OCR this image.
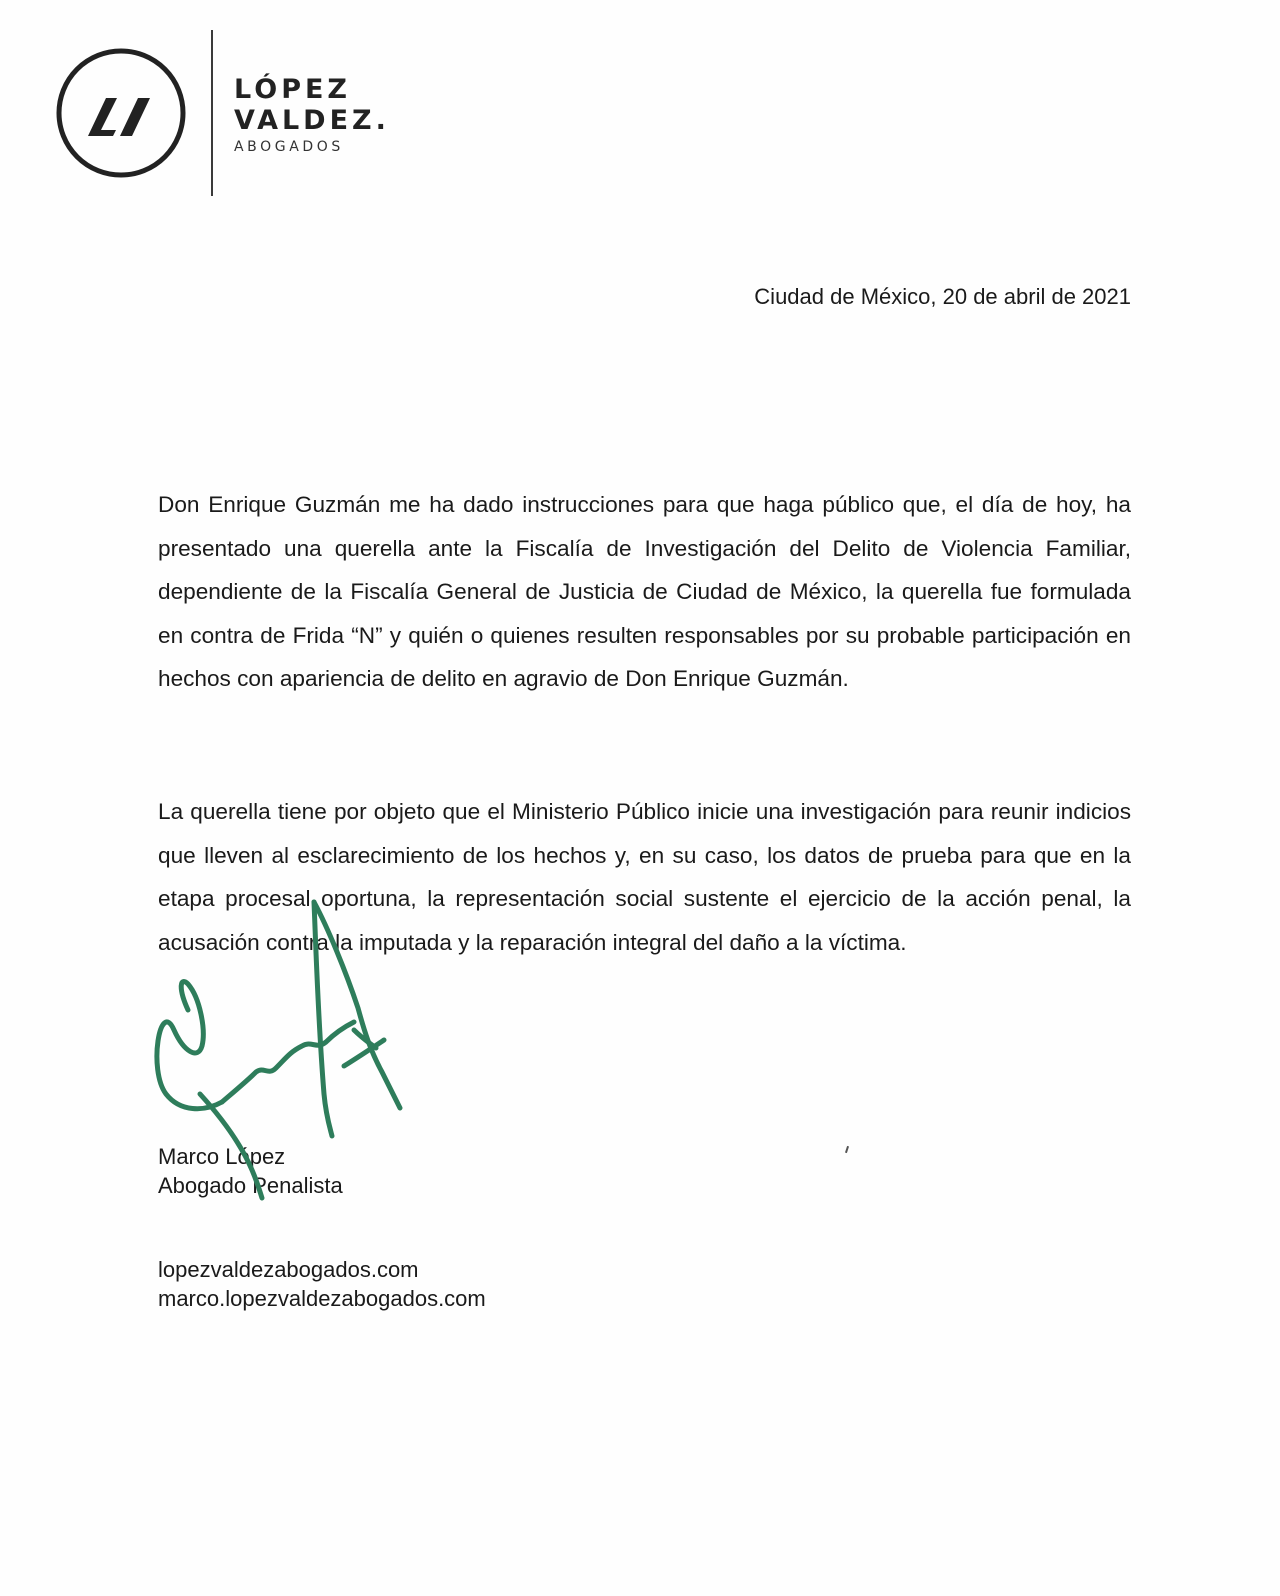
LÓPEZ
VALDEZ.
ABOGADOS
Ciudad de México, 20 de abril de 2021

Don Enrique Guzmán me ha dado instrucciones para que haga público que, el día de hoy, ha presentado una querella ante la Fiscalía de Investigación del Delito de Violencia Familiar, dependiente de la Fiscalía General de Justicia de Ciudad de México, la querella fue formulada en contra de Frida “N” y quién o quienes resulten responsables por su probable participación en hechos con apariencia de delito en agravio de Don Enrique Guzmán.

La querella tiene por objeto que el Ministerio Público inicie una investigación para reunir indicios que lleven al esclarecimiento de los hechos y, en su caso, los datos de prueba para que en la etapa procesal oportuna, la representación social sustente el ejercicio de la acción penal, la acusación contra la imputada y la reparación integral del daño a la víctima.

Marco López
Abogado Penalista
lopezvaldezabogados.com
marco.lopezvaldezabogados.com
